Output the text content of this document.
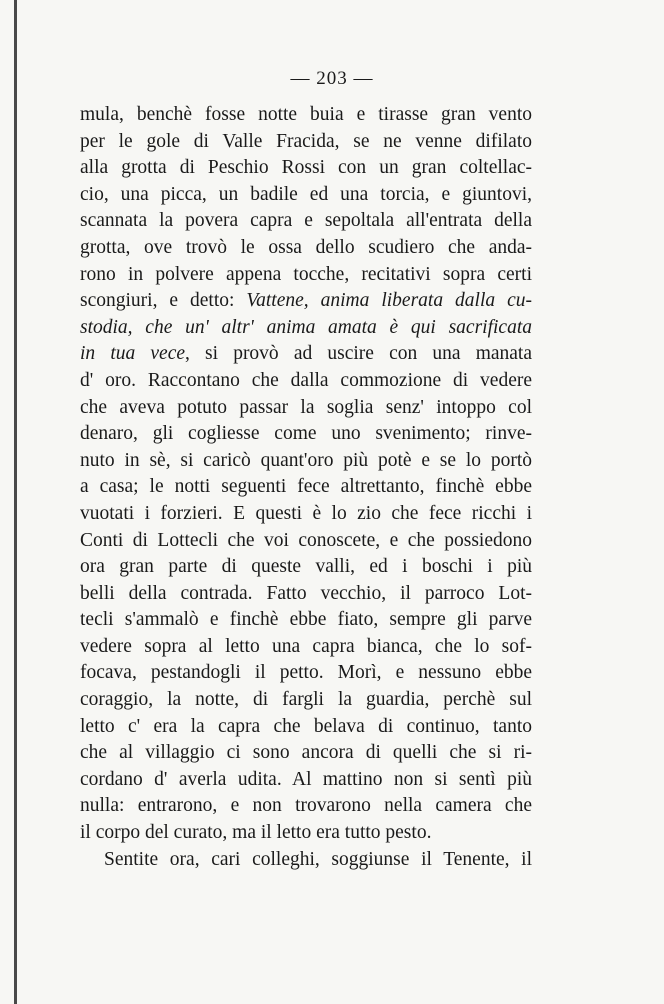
— 203 —
mula, benchè fosse notte buia e tirasse gran vento
per le gole di Valle Fracida, se ne venne difilato
alla grotta di Peschio Rossi con un gran coltellac-
cio, una picca, un badile ed una torcia, e giuntovi,
scannata la povera capra e sepoltala all'entrata della
grotta, ove trovò le ossa dello scudiero che anda-
rono in polvere appena tocche, recitativi sopra certi
scongiuri, e detto: Vattene, anima liberata dalla cu-
stodia, che un' altr' anima amata è qui sacrificata
in tua vece, si provò ad uscire con una manata
d' oro. Raccontano che dalla commozione di vedere
che aveva potuto passar la soglia senz' intoppo col
denaro, gli cogliesse come uno svenimento; rinve-
nuto in sè, si caricò quant'oro più potè e se lo portò
a casa; le notti seguenti fece altrettanto, finchè ebbe
vuotati i forzieri. E questi è lo zio che fece ricchi i
Conti di Lottecli che voi conoscete, e che possiedono
ora gran parte di queste valli, ed i boschi i più
belli della contrada. Fatto vecchio, il parroco Lot-
tecli s'ammalò e finchè ebbe fiato, sempre gli parve
vedere sopra al letto una capra bianca, che lo sof-
focava, pestandogli il petto. Morì, e nessuno ebbe
coraggio, la notte, di fargli la guardia, perchè sul
letto c' era la capra che belava di continuo, tanto
che al villaggio ci sono ancora di quelli che si ri-
cordano d' averla udita. Al mattino non si sentì più
nulla: entrarono, e non trovarono nella camera che
il corpo del curato, ma il letto era tutto pesto.
Sentite ora, cari colleghi, soggiunse il Tenente, il
